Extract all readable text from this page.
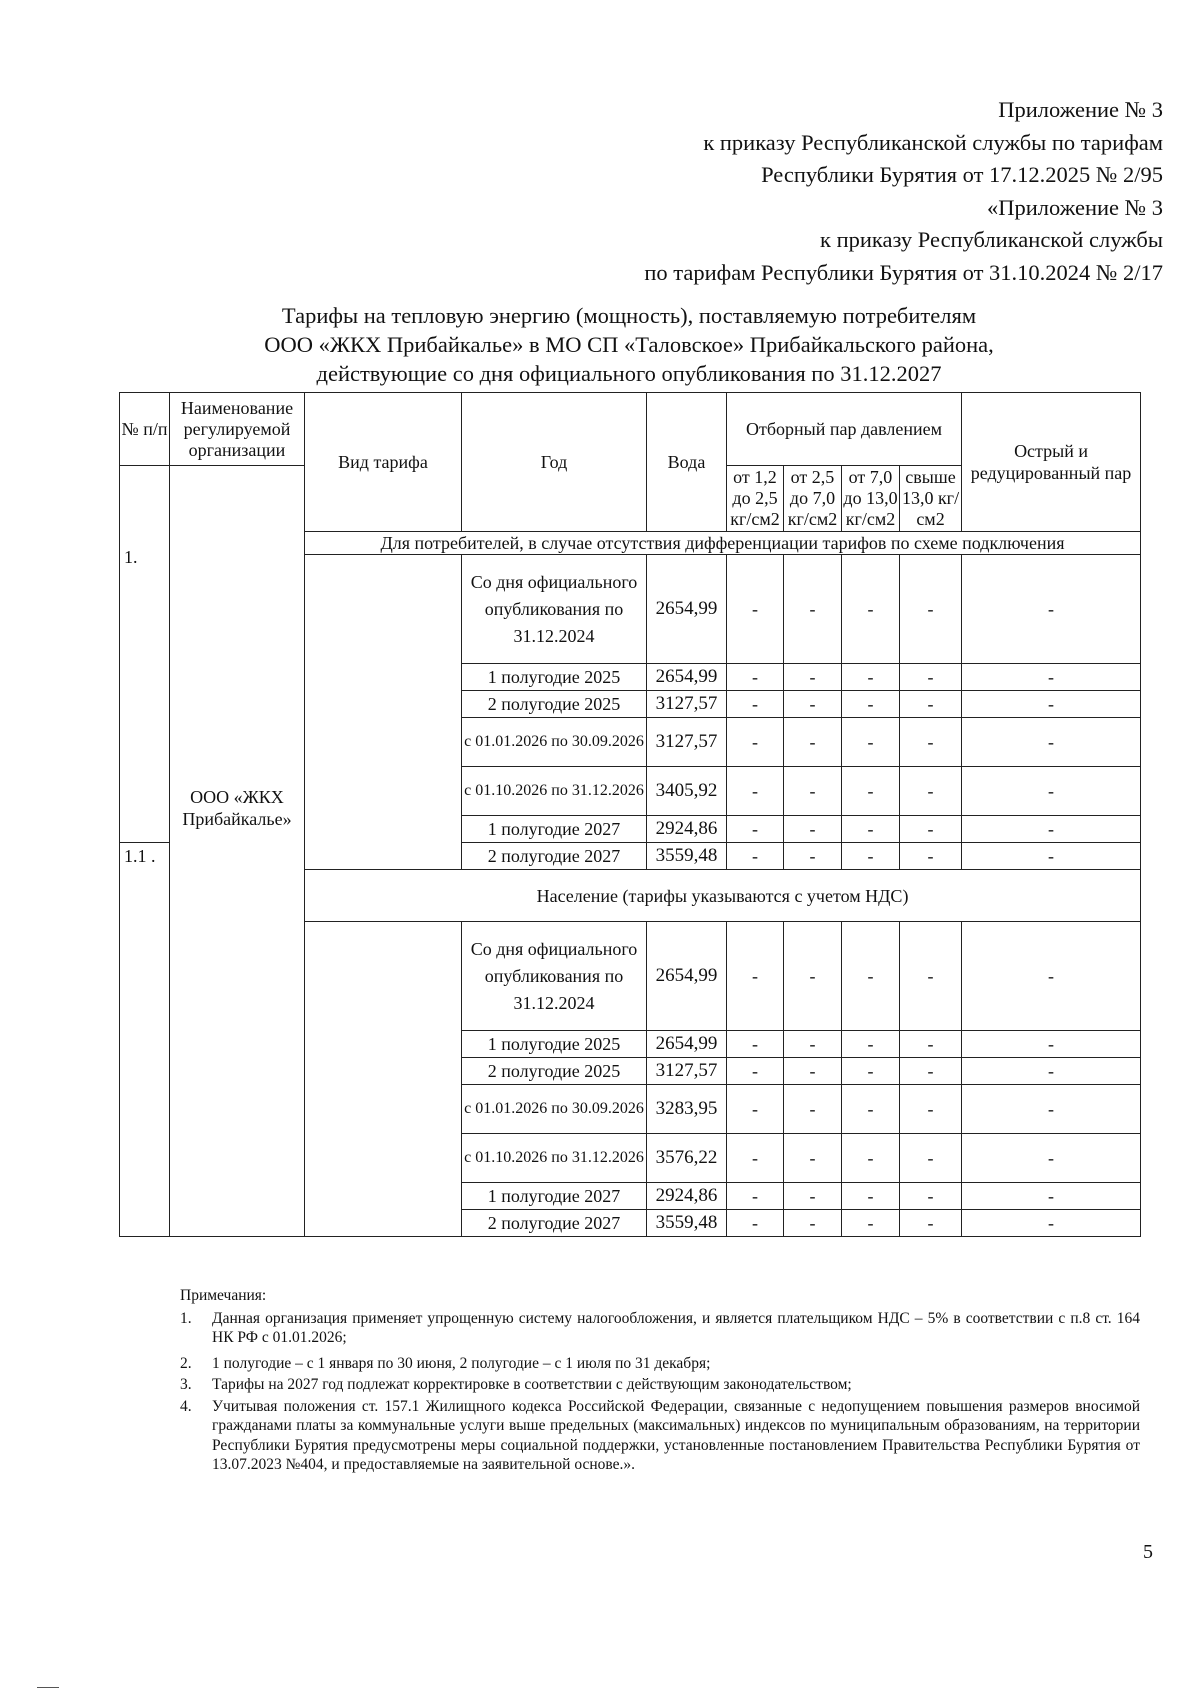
Приложение № 3
к приказу Республиканской службы по тарифам
Республики Бурятия от 17.12.2025 № 2/95
«Приложение № 3
к приказу Республиканской службы
по тарифам Республики Бурятия от 31.10.2024 № 2/17
Тарифы на тепловую энергию (мощность), поставляемую потребителям
ООО «ЖКХ Прибайкалье» в МО СП «Таловское» Прибайкальского района,
действующие со дня официального опубликования по 31.12.2027
№ п/п	Наименование регулируемой организации	Вид тарифа	Год	Вода	Отборный пар давлением				Острый и редуцированный пар
1.	ООО «ЖКХ Прибайкалье»				от 1,2 до 2,5 кг/см2	от 2,5 до 7,0 кг/см2	от 7,0 до 13,0 кг/см2	свыше 13,0 кг/см2	
		Для потребителей, в случае отсутствия дифференциации тарифов по схеме подключения							
			Со дня официального опубликования по 31.12.2024	2654,99	-	-	-	-	-
			1 полугодие 2025	2654,99	-	-	-	-	-
			2 полугодие 2025	3127,57	-	-	-	-	-
			с 01.01.2026 по 30.09.2026	3127,57	-	-	-	-	-
			с 01.10.2026 по 31.12.2026	3405,92	-	-	-	-	-
			1 полугодие 2027	2924,86	-	-	-	-	-
1.1 .			2 полугодие 2027	3559,48	-	-	-	-	-
		Население (тарифы указываются с учетом НДС)							
			Со дня официального опубликования по 31.12.2024	2654,99	-	-	-	-	-
			1 полугодие 2025	2654,99	-	-	-	-	-
			2 полугодие 2025	3127,57	-	-	-	-	-
			с 01.01.2026 по 30.09.2026	3283,95	-	-	-	-	-
			с 01.10.2026 по 31.12.2026	3576,22	-	-	-	-	-
			1 полугодие 2027	2924,86	-	-	-	-	-
			2 полугодие 2027	3559,48	-	-	-	-	-
Примечания:
1.	Данная организация применяет упрощенную систему налогообложения, и является плательщиком НДС – 5% в соответствии с п.8 ст. 164 НК РФ с 01.01.2026;
2.	1 полугодие – с 1 января по 30 июня, 2 полугодие – с 1 июля по 31 декабря;
3.	Тарифы на 2027 год подлежат корректировке в соответствии с действующим законодательством;
4.	Учитывая положения ст. 157.1 Жилищного кодекса Российской Федерации, связанные с недопущением повышения размеров вносимой гражданами платы за коммунальные услуги выше предельных (максимальных) индексов по муниципальным образованиям, на территории Республики Бурятия предусмотрены меры социальной поддержки, установленные постановлением Правительства Республики Бурятия от 13.07.2023 №404, и предоставляемые на заявительной основе.».
5
